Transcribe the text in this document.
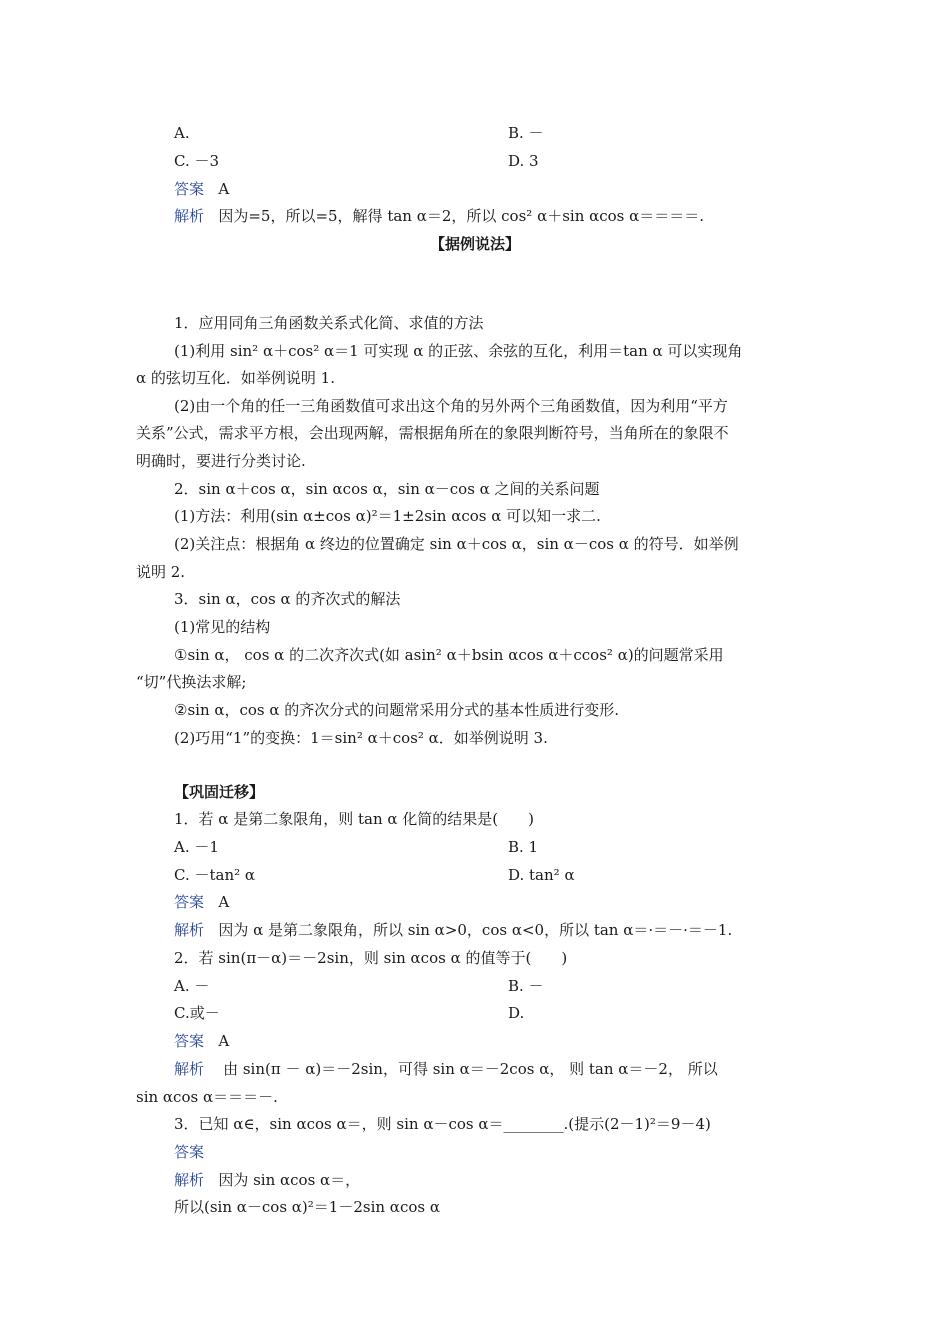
A.	B. －
C. －3	D. 3
答案 A
解析 因为=5，所以=5，解得 tan α＝2，所以 cos² α＋sin αcos α＝＝＝＝.
【据例说法】
1．应用同角三角函数关系式化简、求值的方法
(1)利用 sin² α＋cos² α＝1 可实现 α 的正弦、余弦的互化，利用＝tan α 可以实现角
α 的弦切互化．如举例说明 1.
(2)由一个角的任一三角函数值可求出这个角的另外两个三角函数值，因为利用“平方
关系”公式，需求平方根，会出现两解，需根据角所在的象限判断符号，当角所在的象限不
明确时，要进行分类讨论.
2．sin α＋cos α，sin αcos α，sin α－cos α 之间的关系问题
(1)方法：利用(sin α±cos α)²＝1±2sin αcos α 可以知一求二.
(2)关注点：根据角 α 终边的位置确定 sin α＋cos α，sin α－cos α 的符号．如举例
说明 2.
3．sin α，cos α 的齐次式的解法
(1)常见的结构
①sin α， cos α 的二次齐次式(如 asin² α＋bsin αcos α＋ccos² α)的问题常采用
“切”代换法求解;
②sin α，cos α 的齐次分式的问题常采用分式的基本性质进行变形.
(2)巧用“1”的变换：1＝sin² α＋cos² α．如举例说明 3.
【巩固迁移】
1．若 α 是第二象限角，则 tan α 化简的结果是(　　)
A. －1	B. 1
C. －tan² α	D. tan² α
答案 A
解析 因为 α 是第二象限角，所以 sin α>0，cos α<0，所以 tan α＝·＝－·＝－1.
2．若 sin(π－α)＝－2sin，则 sin αcos α 的值等于(　　)
A. －	B. －
C.或－	D.
答案 A
解析 由 sin(π － α)＝－2sin，可得 sin α＝－2cos α， 则 tan α＝－2， 所以
sin αcos α＝＝＝－.
3．已知 α∈，sin αcos α＝，则 sin α－cos α＝________.(提示(2－1)²＝9－4)
答案
解析 因为 sin αcos α＝，
所以(sin α－cos α)²＝1－2sin αcos α
